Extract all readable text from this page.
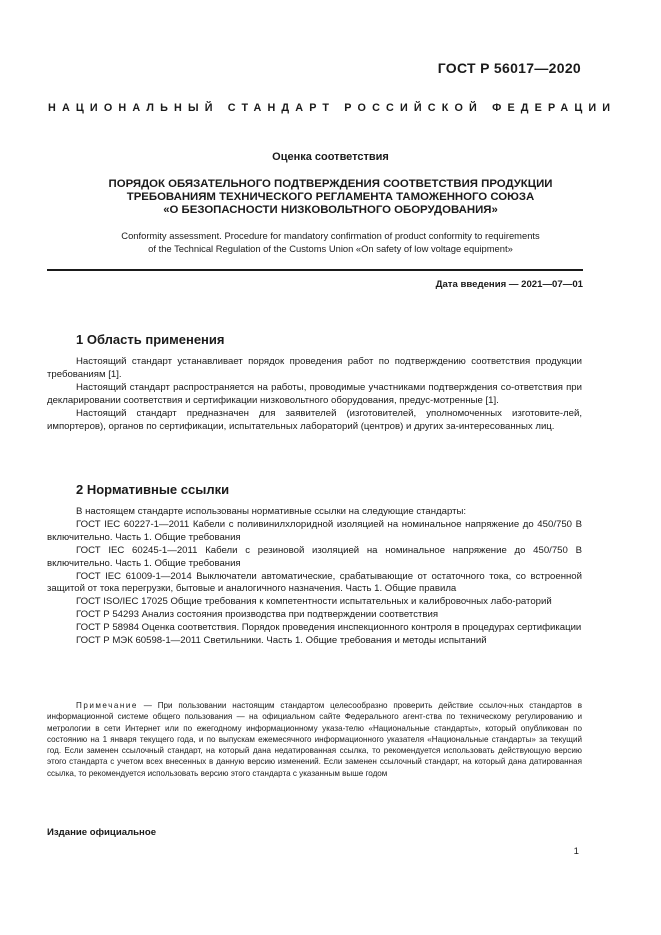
ГОСТ Р 56017—2020
НАЦИОНАЛЬНЫЙ СТАНДАРТ РОССИЙСКОЙ ФЕДЕРАЦИИ
Оценка соответствия
ПОРЯДОК ОБЯЗАТЕЛЬНОГО ПОДТВЕРЖДЕНИЯ СООТВЕТСТВИЯ ПРОДУКЦИИ
ТРЕБОВАНИЯМ ТЕХНИЧЕСКОГО РЕГЛАМЕНТА ТАМОЖЕННОГО СОЮЗА
«О БЕЗОПАСНОСТИ НИЗКОВОЛЬТНОГО ОБОРУДОВАНИЯ»
Conformity assessment. Procedure for mandatory confirmation of product conformity to requirements
of the Technical Regulation of the Customs Union «On safety of low voltage equipment»
Дата введения — 2021—07—01
1 Область применения

Настоящий стандарт устанавливает порядок проведения работ по подтверждению соответствия продукции требованиям [1].

Настоящий стандарт распространяется на работы, проводимые участниками подтверждения со-ответствия при декларировании соответствия и сертификации низковольтного оборудования, предус-мотренные [1].

Настоящий стандарт предназначен для заявителей (изготовителей, уполномоченных изготовите-лей, импортеров), органов по сертификации, испытательных лабораторий (центров) и других за-интересованных лиц.

2 Нормативные ссылки

В настоящем стандарте использованы нормативные ссылки на следующие стандарты:

ГОСТ IEC 60227-1—2011 Кабели с поливинилхлоридной изоляцией на номинальное напряжение до 450/750 В включительно. Часть 1. Общие требования

ГОСТ IEC 60245-1—2011 Кабели с резиновой изоляцией на номинальное напряжение до 450/750 В включительно. Часть 1. Общие требования

ГОСТ IEC 61009-1—2014 Выключатели автоматические, срабатывающие от остаточного тока, со встроенной защитой от тока перегрузки, бытовые и аналогичного назначения. Часть 1. Общие правила

ГОСТ ISO/IEC 17025 Общие требования к компетентности испытательных и калибровочных лабо-раторий

ГОСТ Р 54293 Анализ состояния производства при подтверждении соответствия

ГОСТ Р 58984 Оценка соответствия. Порядок проведения инспекционного контроля в процедурах сертификации

ГОСТ Р МЭК 60598-1—2011 Светильники. Часть 1. Общие требования и методы испытаний

Примечание — При пользовании настоящим стандартом целесообразно проверить действие ссылоч-ных стандартов в информационной системе общего пользования — на официальном сайте Федерального агент-ства по техническому регулированию и метрологии в сети Интернет или по ежегодному информационному указа-телю «Национальные стандарты», который опубликован по состоянию на 1 января текущего года, и по выпускам ежемесячного информационного указателя «Национальные стандарты» за текущий год. Если заменен ссылочный стандарт, на который дана недатированная ссылка, то рекомендуется использовать действующую версию этого стандарта с учетом всех внесенных в данную версию изменений. Если заменен ссылочный стандарт, на который дана датированная ссылка, то рекомендуется использовать версию этого стандарта с указанным выше годом
Издание официальное
1
